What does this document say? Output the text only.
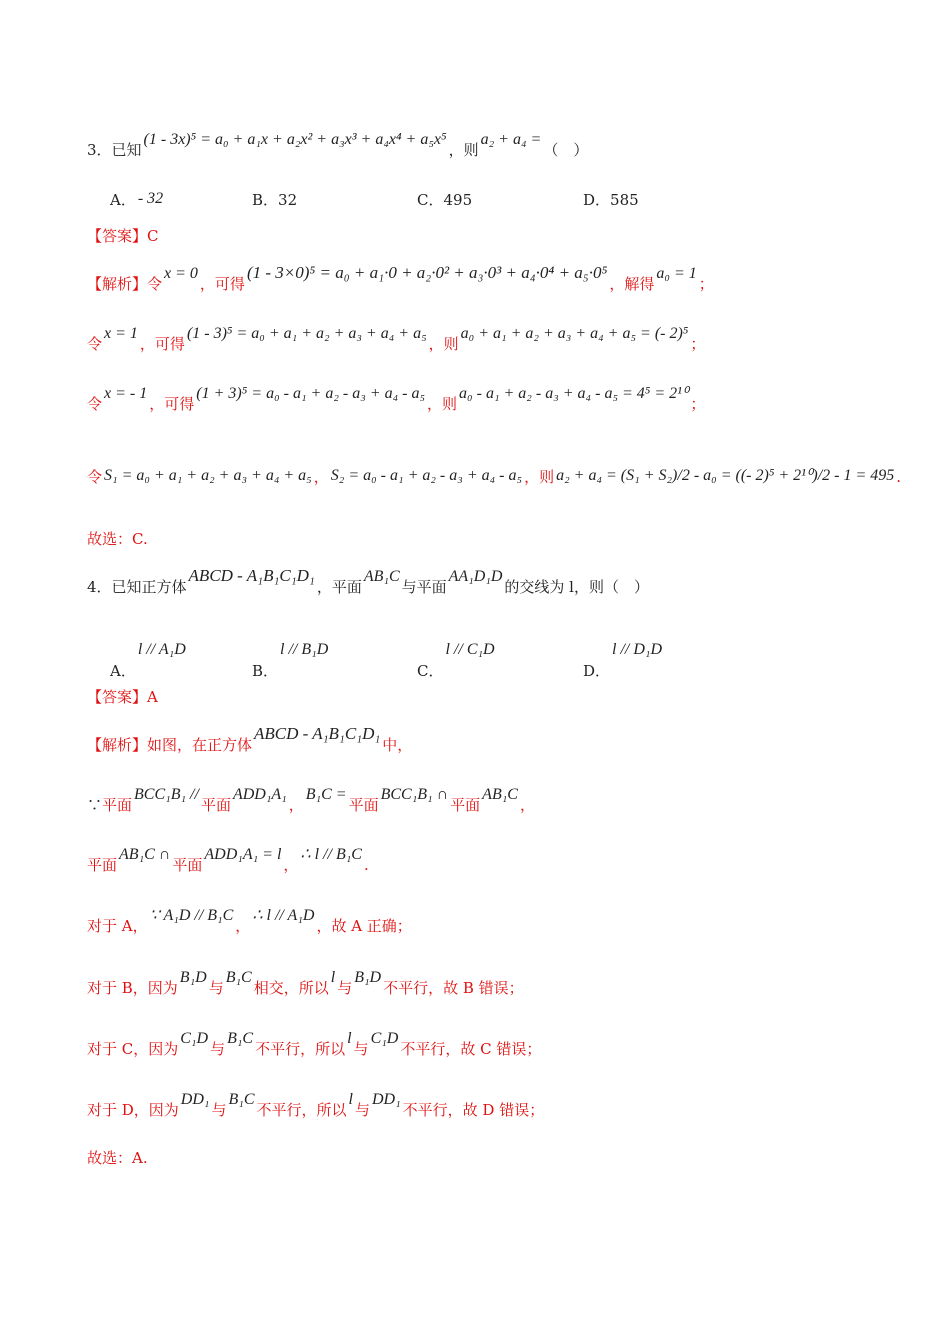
3．已知(1 - 3x)⁵ = a₀ + a₁x + a₂x² + a₃x³ + a₄x⁴ + a₅x⁵，则a₂ + a₄ =（　）
A． - 32	B．32	C．495	D．585
【答案】C
【解析】令x = 0，可得(1 - 3×0)⁵ = a₀ + a₁·0 + a₂·0² + a₃·0³ + a₄·0⁴ + a₅·0⁵，解得a₀ = 1；
令x = 1，可得(1 - 3)⁵ = a₀ + a₁ + a₂ + a₃ + a₄ + a₅，则a₀ + a₁ + a₂ + a₃ + a₄ + a₅ = (- 2)⁵；
令x = - 1，可得(1 + 3)⁵ = a₀ - a₁ + a₂ - a₃ + a₄ - a₅，则a₀ - a₁ + a₂ - a₃ + a₄ - a₅ = 4⁵ = 2¹⁰；
令 S₁ = a₀ + a₁ + a₂ + a₃ + a₄ + a₅ ， S₂ = a₀ - a₁ + a₂ - a₃ + a₄ - a₅ ，则 a₂ + a₄ = (S₁ + S₂)/2 - a₀ = ((- 2)⁵ + 2¹⁰)/2 - 1 = 495 .
故选：C.
4．已知正方体ABCD - A₁B₁C₁D₁，平面AB₁C与平面AA₁D₁D的交线为 l，则（　）
A．l // A₁D
B．l // B₁D
C．l // C₁D
D．l // D₁D
【答案】A
【解析】如图，在正方体ABCD - A₁B₁C₁D₁中，
∵平面BCC₁B₁ //平面ADD₁A₁，B₁C =平面BCC₁B₁ ∩平面AB₁C，
平面AB₁C ∩平面ADD₁A₁ = l，∴ l // B₁C.
对于 A，∵ A₁D // B₁C，∴ l // A₁D，故 A 正确；
对于 B，因为B₁D与B₁C相交，所以l与B₁D不平行，故 B 错误；
对于 C，因为C₁D与B₁C不平行，所以l与C₁D不平行，故 C 错误；
对于 D，因为DD₁与B₁C不平行，所以l与DD₁不平行，故 D 错误；
故选：A.
